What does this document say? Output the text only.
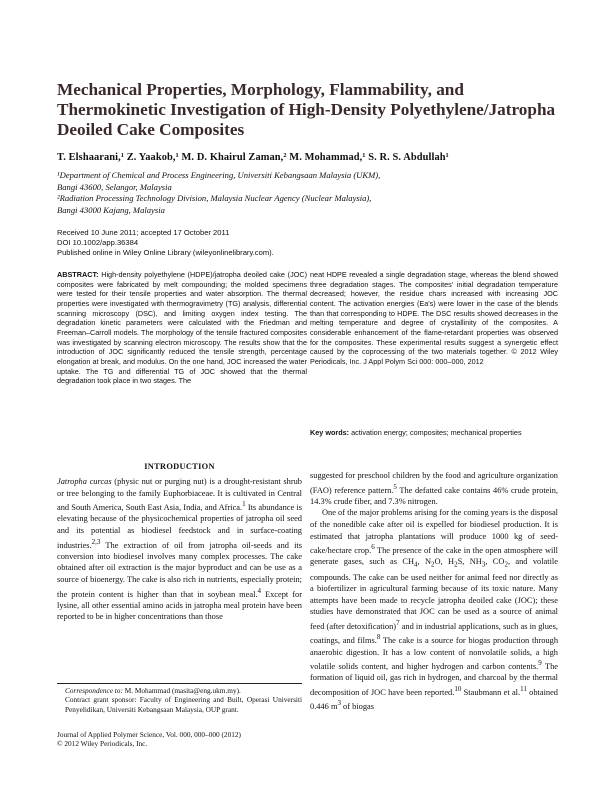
Mechanical Properties, Morphology, Flammability, and Thermokinetic Investigation of High-Density Polyethylene/Jatropha Deoiled Cake Composites
T. Elshaarani,¹ Z. Yaakob,¹ M. D. Khairul Zaman,² M. Mohammad,¹ S. R. S. Abdullah¹
¹Department of Chemical and Process Engineering, Universiti Kebangsaan Malaysia (UKM),
Bangi 43600, Selangor, Malaysia
²Radiation Processing Technology Division, Malaysia Nuclear Agency (Nuclear Malaysia),
Bangi 43000 Kajang, Malaysia
Received 10 June 2011; accepted 17 October 2011
DOI 10.1002/app.36384
Published online in Wiley Online Library (wileyonlinelibrary.com).
ABSTRACT: High-density polyethylene (HDPE)/jatropha deoiled cake (JOC) composites were fabricated by melt compounding; the molded specimens were tested for their tensile properties and water absorption. The thermal properties were investigated with thermogravimetry (TG) analysis, differential scanning microscopy (DSC), and limiting oxygen index testing. The degradation kinetic parameters were calculated with the Friedman and Freeman–Carroll models. The morphology of the tensile fractured composites was investigated by scanning electron microscopy. The results show that the introduction of JOC significantly reduced the tensile strength, percentage elongation at break, and modulus. On the one hand, JOC increased the water uptake. The TG and differential TG of JOC showed that the thermal degradation took place in two stages. The
neat HDPE revealed a single degradation stage, whereas the blend showed three degradation stages. The composites' initial degradation temperature decreased; however, the residue chars increased with increasing JOC content. The activation energies (Ea's) were lower in the case of the blends than that corresponding to HDPE. The DSC results showed decreases in the melting temperature and degree of crystallinity of the composites. A considerable enhancement of the flame-retardant properties was observed for the composites. These experimental results suggest a synergetic effect caused by the coprocessing of the two materials together. © 2012 Wiley Periodicals, Inc. J Appl Polym Sci 000: 000–000, 2012
Key words: activation energy; composites; mechanical properties
INTRODUCTION

Jatropha curcas (physic nut or purging nut) is a drought-resistant shrub or tree belonging to the family Euphorbiaceae. It is cultivated in Central and South America, South East Asia, India, and Africa.$^1$ Its abundance is elevating because of the physicochemical properties of jatropha oil seed and its potential as biodiesel feedstock and in surface-coating industries.$^{2,3}$ The extraction of oil from jatropha oil-seeds and its conversion into biodiesel involves many complex processes. The cake obtained after oil extraction is the major byproduct and can be use as a source of bioenergy. The cake is also rich in nutrients, especially protein; the protein content is higher than that in soybean meal.$^4$ Except for lysine, all other essential amino acids in jatropha meal protein have been reported to be in higher concentrations than those

suggested for preschool children by the food and agriculture organization (FAO) reference pattern.$^5$ The defatted cake contains 46% crude protein, 14.3% crude fiber, and 7.3% nitrogen.

One of the major problems arising for the coming years is the disposal of the nonedible cake after oil is expelled for biodiesel production. It is estimated that jatropha plantations will produce 1000 kg of seed-cake/hectare crop.$^6$ The presence of the cake in the open atmosphere will generate gases, such as $CH_4$, $N_2O$, $H_2S$, $NH_3$, $CO_2$, and volatile compounds. The cake can be used neither for animal feed nor directly as a biofertilizer in agricultural farming because of its toxic nature. Many attempts have been made to recycle jatropha deoiled cake (JOC); these studies have demonstrated that JOC can be used as a source of animal feed (after detoxification)$^7$ and in industrial applications, such as in glues, coatings, and films.$^8$ The cake is a source for biogas production through anaerobic digestion. It has a low content of nonvolatile solids, a high volatile solids content, and higher hydrogen and carbon contents.$^9$ The formation of liquid oil, gas rich in hydrogen, and charcoal by the thermal decomposition of JOC have been reported.$^{10}$ Staubmann et al.$^{11}$ obtained 0.446 $m^3$ of biogas

Correspondence to: M. Mohammad (masita@eng.ukm.my).
Contract grant sponsor: Faculty of Engineering and Built, Operasi Universiti Penyelidikan, Universiti Kebangsaan Malaysia, OUP grant.
Journal of Applied Polymer Science, Vol. 000, 000–000 (2012)
© 2012 Wiley Periodicals, Inc.
